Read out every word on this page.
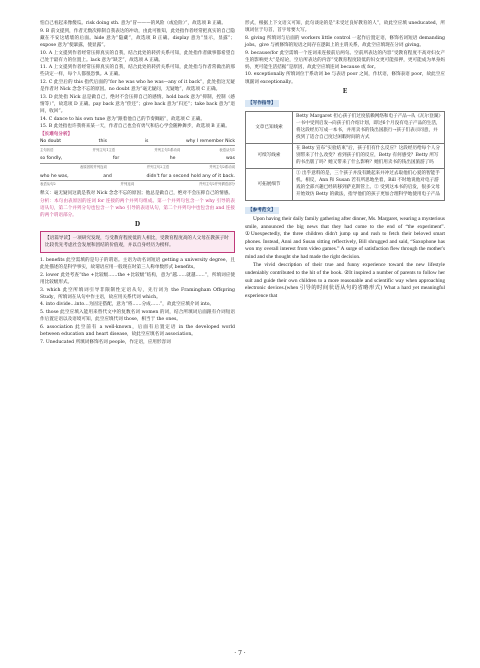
怕自己看起来像傻瓜。risk doing sth. 意为“冒———的风险（或危险）”，故选项 B 正确。

9. B 前文提到，作者无数次抑制自我表达的冲动，由此可推知，此处指作者经常把真实的自己隐藏在不安这堵墙的后面。hide 意为“隐藏”，故选项 B 正确。display 意为“显示，显露”；expose 意为“使暴露，使显露”。

10. A 上文提到作者经常压抑真实的自我，结合此处的转折关系可知，此处指作者做事都希望自己处于最有力的位置上。lack 意为“缺乏”，故选项 A 正确。

11. A 上文提到作者经常压抑真实的自我，结合此处的转折关系可知，此处指与作者常做出的那些决定一样，每个人都很恐惧。A 正确。

12. C 此空后的 this 指代后面的“for he was who he was—any of it back”，此处指这无疑是作者对 Nick 念念不忘的原因。no doubt 意为“毫无疑问，无疑地”，故选项 C 正确。

13. D 此处指 Nick 总是做自己，绝对不会压抑自己的感情。hold back 意为“抑制，控制（感情等）”，故选项 D 正确。pay back 意为“偿还”；give back 意为“归还”；take back 意为“退回，收回”。

14. C dance to his own tune 意为“跟着他自己的节奏舞蹈”，故选项 C 正确。

15. B 此处指也许我将来某一天，作者自己也会有勇气和信心学会随种舞步，故选项 B 正确。

【长难句分析】
No doubt	this	is	why I remember Nick
主句状语	并列主句1主语	并列主句1系动词	表语从句1
so fondly,	for	he	was
表原因的并列连词	并列主句2主语	并列主句2系动词
who he was,	and	didn't for a second hold any of it back.
表语从句2	并列连词	并列主句2并列谓语部分

释义：毫无疑问这就是我对 Nick 念念不忘的原因；他总是做自己，绝对不会压抑自己的情感。

分析：本句由表原因的连词 for 连接的两个并列句组成。第一个并列句包含一个 why 引导的表语从句，第二个并列分句也包含一个 who 引导的表语从句，第二个并列句中也包含由 and 连接的两个谓语部分。

D
【语篇导读】一项研究发现，与受教育程度低的人相比，受教育程度高的人父母在教孩子时比较优先考虑社会发展和团结的价值观，并以自身经历为榜样。

1. benefits 此空需填的是句子的谓语。主语为动名词短语 getting a university degree，且此处描述的是科学事实，故谓语应用一般现在时第三人称单数形式 benefits。

2. lower 此处考查“the +比较级……the +比较级”结构，意为“越……就越……”，所填词应使用比较级形式。

3. which 此空所填词引导非限制性定语从句，先行词为 the Framingham Offspring Study，所填词在从句中作主语，故应用关系代词 which。

4. into divide…into…为固定搭配，意为“将……分成……”，故此空应填介词 into。

5. those 此空应填入能用来替代文中的复数名词 women 的词，结合所填词后面跟有介词短语作后置定语以及语境可知，此空应填代词 those，相当于 the ones。

6. association 此空前有 a well-known，后面有后置定语 in the developed world between education and heart disease，故此空应填名词 association。

7. Uneducated 所填词修饰名词 people，作定语，应用形容词

形式，根据上下文语义可知，此句谈论的是“未受过良好教育的人”，故此空应填 uneducated，所填词位于句首，首字母要大写。

8. giving 所填词与后面的 workers little control 一起作后置定语，修饰名词短语 demanding jobs。give 与被修饰的短语之间存在逻辑上的主谓关系，故此空应填现在分词 giving。

9. because/for 此空需填一个连词来连接前后两句。空前所表达的内容“受教育程度不高对妇女产生的影响更大”是结论，空后所表达的内容“受教育程度较低的妇女更可能扣押，更可能成为单身妈妈，更可能生活拮据”是原因，故此空应填连词 because 或 for。

10. exceptionally 所填词位于系动词 be 与表语 poor 之间，作状语，修饰表语 poor，故此空应填副词 exceptionally。

E
【写作指导】
文章已知线索	Betty Margaret 担心孩子们过度依赖网络和电子产品→从《瓦尔登湖》一书中受到启发→向孩子们介绍计划，即过6个月没有电子产品的生活，将这段经历写成一本书，并用卖书的钱出国旅行→孩子们表示同意，并找到了适合自己度过闲暇时间的方式
可续写线索	在 Betty 宣布“实验结束”后，孩子们有什么反应？这段经历给每个人分别带来了什么改变？看到孩子们的反应，Betty 有何感受？Betty 所写的书出版了吗？她又带来了什么影响？她们用卖书的钱出国旅游了吗
可拓展细节	① 出乎意料的是，三个孩子并没有跳起来并冲过去取他们心爱的智能手机。相反，Ann 和 Susan 若有所思地坐着，Bill 不时地说他对电子游戏的全部兴趣已经转移到萨克斯管上。② 受到这本书的启发，很多父母开始效仿 Betty 的做法，指导他们的孩子更加合理科学地使用电子产品
【参考范文】

Upon having their daily family gathering after dinner, Ms. Margaret, wearing a mysterious smile, announced the big news that they had come to the end of “the experiment”. ①Unexpectedly, the three children didn't jump up and rush to fetch their beloved smart phones. Instead, Anni and Susan sitting reflectively, Bill shrugged and said, “Saxophone has won my overall interest from video games.” A surge of satisfaction flew through the mother's mind and she thought she had made the right decision.

The vivid description of their true and funny experience toward the new lifestyle undeniably contributed to the hit of the book. ②It inspired a number of parents to follow her suit and guide their own children to a more reasonable and scientific way when approaching electronic devices.(when 引导的时间状语从句的省略形式) What a hard yet meaningful experience that

· 7 ·
